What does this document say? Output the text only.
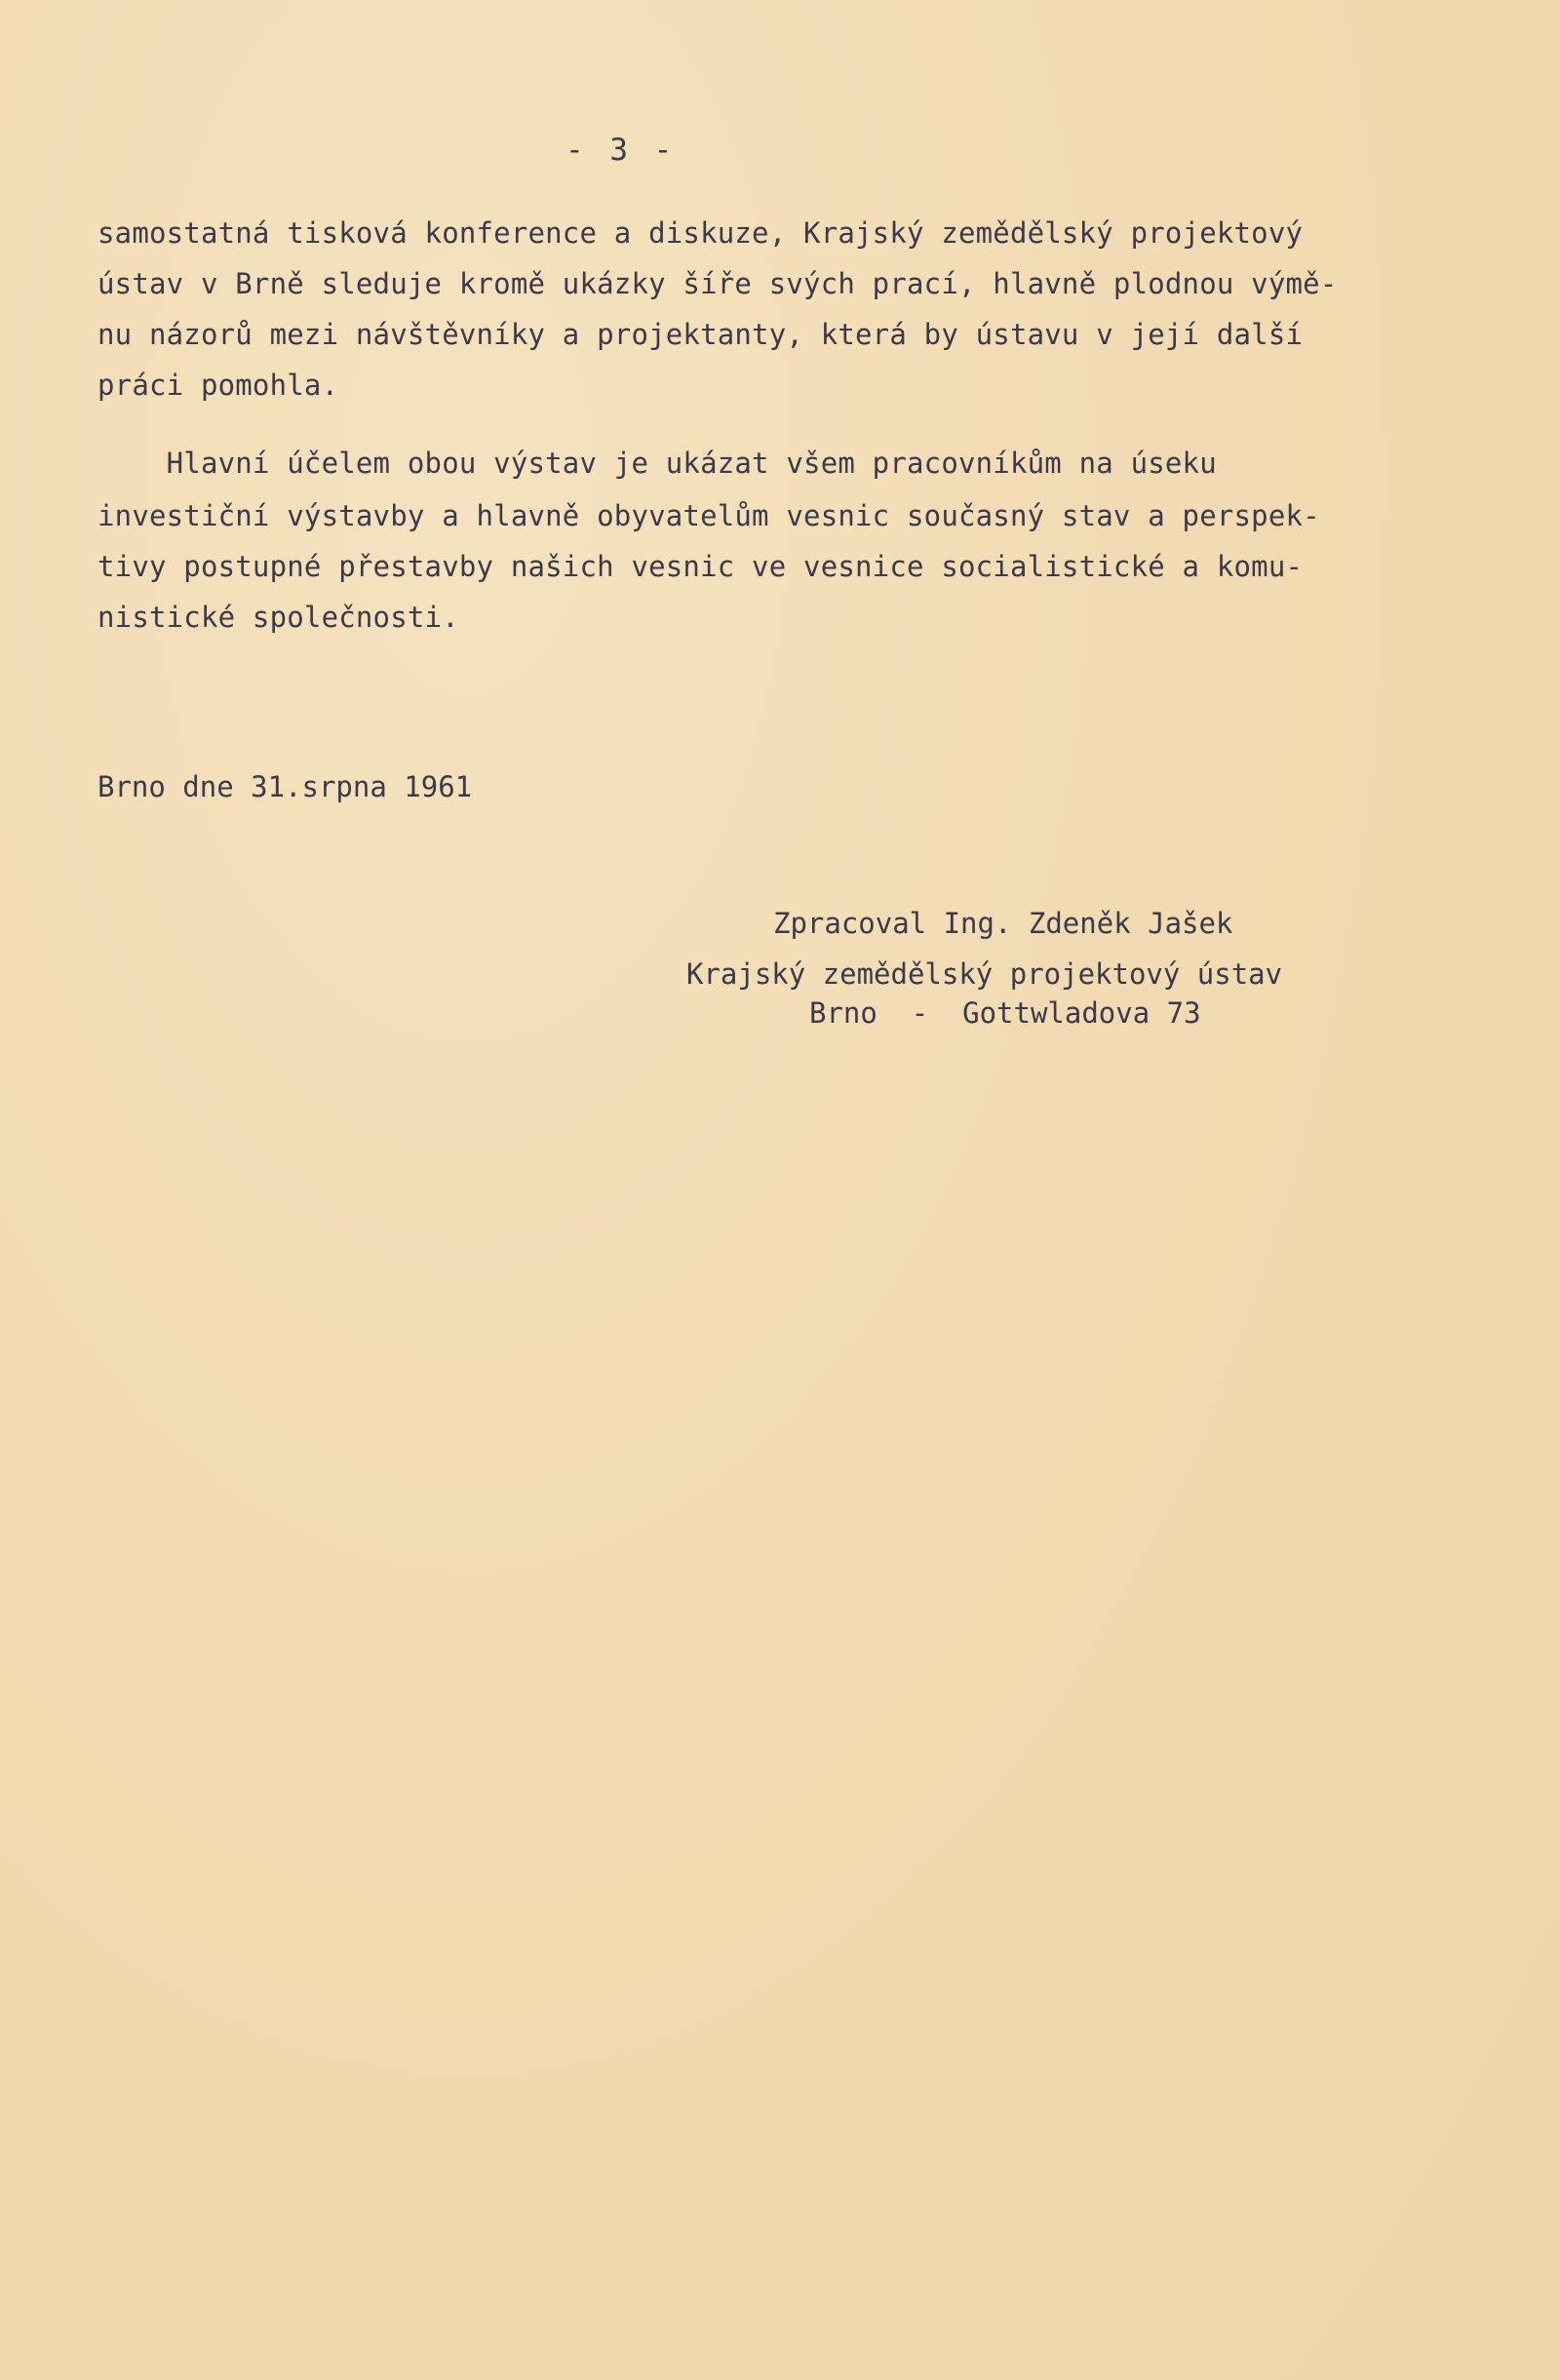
- 3 -
samostatná tisková konference a diskuze, Krajský zemědělský projektový
ústav v Brně sleduje kromě ukázky šíře svých prací, hlavně plodnou výmě-
nu názorů mezi návštěvníky a projektanty, která by ústavu v její další
práci pomohla.
Hlavní účelem obou výstav je ukázat všem pracovníkům na úseku
investiční výstavby a hlavně obyvatelům vesnic současný stav a perspek-
tivy postupné přestavby našich vesnic ve vesnice socialistické a komu-
nistické společnosti.
Brno dne 31.srpna 1961
Zpracoval Ing. Zdeněk Jašek
Krajský zemědělský projektový ústav
Brno  -  Gottwladova 73
